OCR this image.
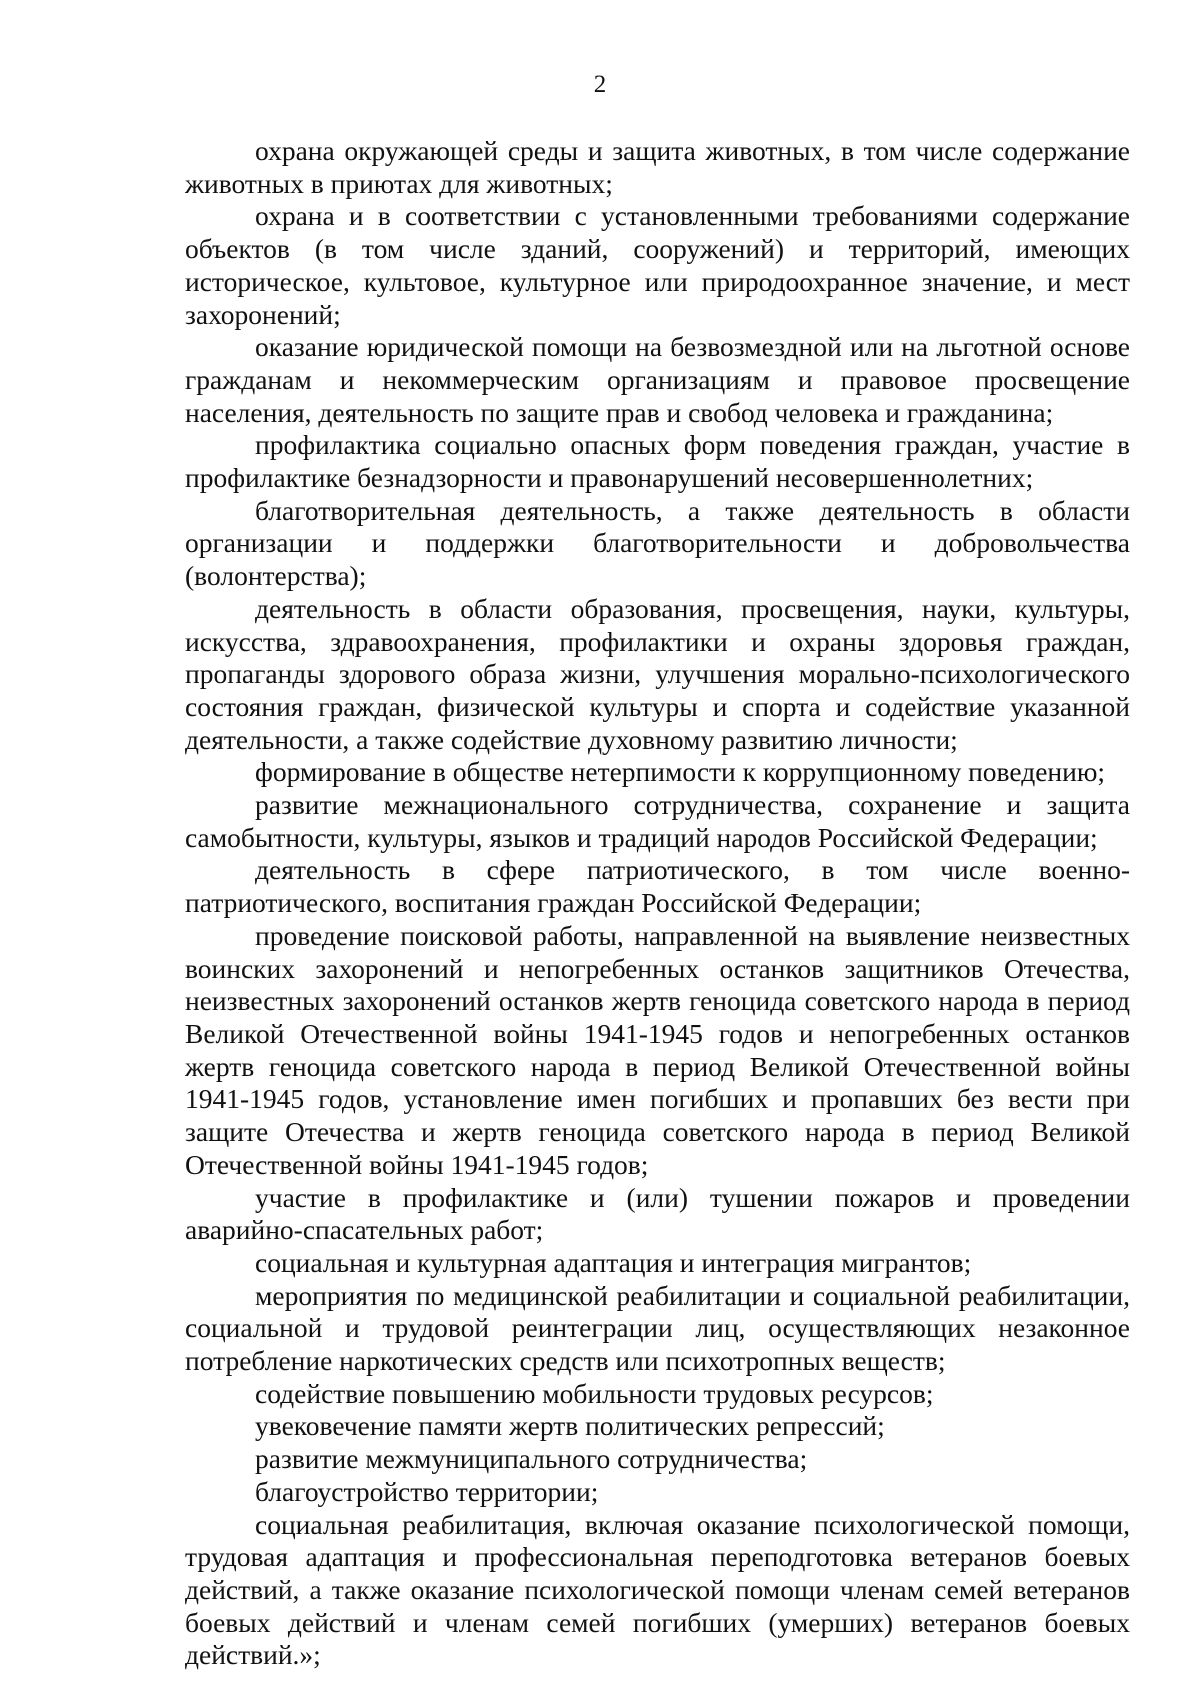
2

охрана окружающей среды и защита животных, в том числе содержание животных в приютах для животных;

охрана и в соответствии с установленными требованиями содержание объектов (в том числе зданий, сооружений) и территорий, имеющих историческое, культовое, культурное или природоохранное значение, и мест захоронений;

оказание юридической помощи на безвозмездной или на льготной основе гражданам и некоммерческим организациям и правовое просвещение населения, деятельность по защите прав и свобод человека и гражданина;

профилактика социально опасных форм поведения граждан, участие в профилактике безнадзорности и правонарушений несовершеннолетних;

благотворительная деятельность, а также деятельность в области организации и поддержки благотворительности и добровольчества (волонтерства);

деятельность в области образования, просвещения, науки, культуры, искусства, здравоохранения, профилактики и охраны здоровья граждан, пропаганды здорового образа жизни, улучшения морально-психологического состояния граждан, физической культуры и спорта и содействие указанной деятельности, а также содействие духовному развитию личности;

формирование в обществе нетерпимости к коррупционному поведению;

развитие межнационального сотрудничества, сохранение и защита самобытности, культуры, языков и традиций народов Российской Федерации;

деятельность в сфере патриотического, в том числе военно-патриотического, воспитания граждан Российской Федерации;

проведение поисковой работы, направленной на выявление неизвестных воинских захоронений и непогребенных останков защитников Отечества, неизвестных захоронений останков жертв геноцида советского народа в период Великой Отечественной войны 1941-1945 годов и непогребенных останков жертв геноцида советского народа в период Великой Отечественной войны 1941-1945 годов, установление имен погибших и пропавших без вести при защите Отечества и жертв геноцида советского народа в период Великой Отечественной войны 1941-1945 годов;

участие в профилактике и (или) тушении пожаров и проведении аварийно-спасательных работ;

социальная и культурная адаптация и интеграция мигрантов;

мероприятия по медицинской реабилитации и социальной реабилитации, социальной и трудовой реинтеграции лиц, осуществляющих незаконное потребление наркотических средств или психотропных веществ;

содействие повышению мобильности трудовых ресурсов;

увековечение памяти жертв политических репрессий;

развитие межмуниципального сотрудничества;

благоустройство территории;

социальная реабилитация, включая оказание психологической помощи, трудовая адаптация и профессиональная переподготовка ветеранов боевых действий, а также оказание психологической помощи членам семей ветеранов боевых действий и членам семей погибших (умерших) ветеранов боевых действий.»;
